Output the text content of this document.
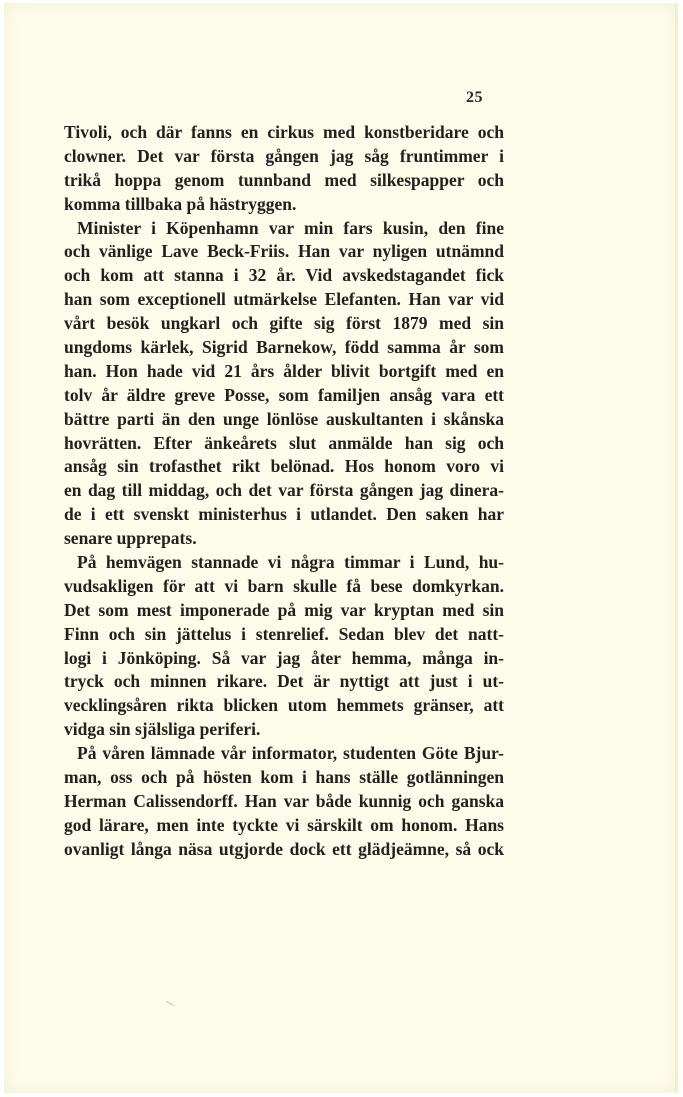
25
Tivoli, och där fanns en cirkus med konstberidare och
clowner. Det var första gången jag såg fruntimmer i
trikå hoppa genom tunnband med silkespapper och
komma tillbaka på hästryggen.
Minister i Köpenhamn var min fars kusin, den fine
och vänlige Lave Beck-Friis. Han var nyligen utnämnd
och kom att stanna i 32 år. Vid avskedstagandet fick
han som exceptionell utmärkelse Elefanten. Han var vid
vårt besök ungkarl och gifte sig först 1879 med sin
ungdoms kärlek, Sigrid Barnekow, född samma år som
han. Hon hade vid 21 års ålder blivit bortgift med en
tolv år äldre greve Posse, som familjen ansåg vara ett
bättre parti än den unge lönlöse auskultanten i skånska
hovrätten. Efter änkeårets slut anmälde han sig och
ansåg sin trofasthet rikt belönad. Hos honom voro vi
en dag till middag, och det var första gången jag dinera-
de i ett svenskt ministerhus i utlandet. Den saken har
senare upprepats.
På hemvägen stannade vi några timmar i Lund, hu-
vudsakligen för att vi barn skulle få bese domkyrkan.
Det som mest imponerade på mig var kryptan med sin
Finn och sin jättelus i stenrelief. Sedan blev det natt-
logi i Jönköping. Så var jag åter hemma, många in-
tryck och minnen rikare. Det är nyttigt att just i ut-
vecklingsåren rikta blicken utom hemmets gränser, att
vidga sin själsliga periferi.
På våren lämnade vår informator, studenten Göte Bjur-
man, oss och på hösten kom i hans ställe gotlänningen
Herman Calissendorff. Han var både kunnig och ganska
god lärare, men inte tyckte vi särskilt om honom. Hans
ovanligt långa näsa utgjorde dock ett glädjeämne, så ock
